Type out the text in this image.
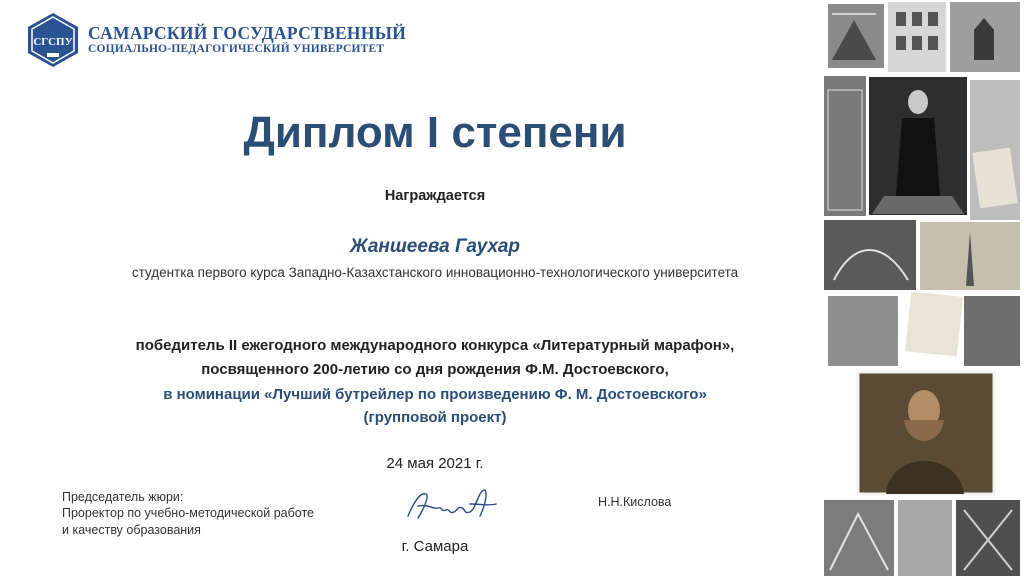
СГСПУ САМАРСКИЙ ГОСУДАРСТВЕННЫЙ
СОЦИАЛЬНО-ПЕДАГОГИЧЕСКИЙ УНИВЕРСИТЕТ
Диплом I степени
Награждается
Жаншеева Гаухар
студентка первого курса Западно-Казахстанского инновационно-технологического университета
победитель II ежегодного международного конкурса «Литературный марафон»,
посвященного 200-летию со дня рождения Ф.М. Достоевского,
в номинации «Лучший бутрейлер по произведению Ф. М. Достоевского»
(групповой проект)
24 мая 2021 г.
Председатель жюри:
Проректор по учебно-методической работе
и качеству образования
Н.Н.Кислова
г. Самара
